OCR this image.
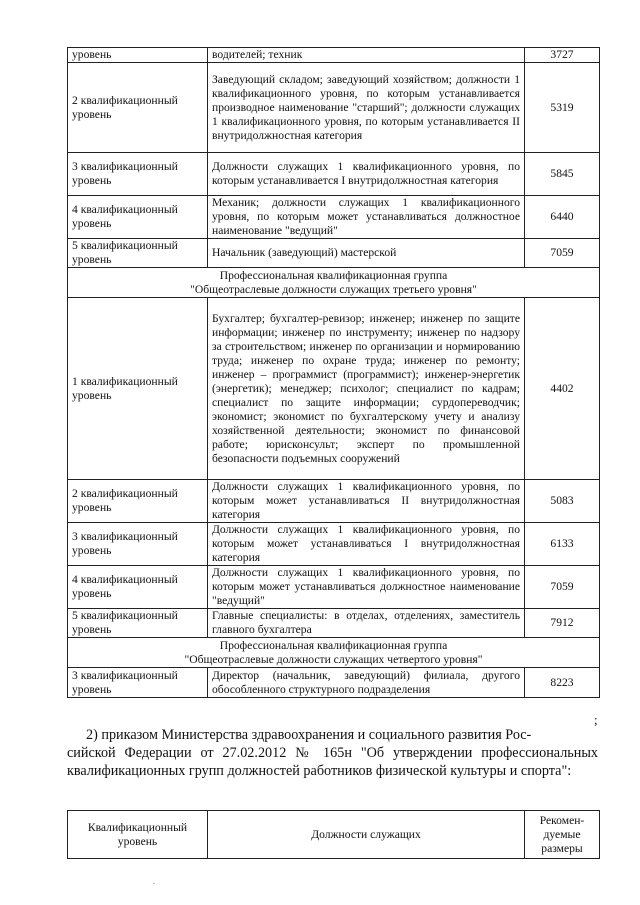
уровень	водителей; техник	3727
2 квалификационный уровень	Заведующий складом; заведующий хозяйством; должности 1 квалификационного уровня, по которым устанавливается производное наименование "старший"; должности служащих 1 квалификационного уровня, по которым устанавливается II внутридолжностная категория	5319
3 квалификационный уровень	Должности служащих 1 квалификационного уровня, по которым устанавливается I внутридолжностная категория	5845
4 квалификационный уровень	Механик; должности служащих 1 квалификационного уровня, по которым может устанавливаться должностное наименование "ведущий"	6440
5 квалификационный уровень	Начальник (заведующий) мастерской	7059

Профессиональная квалификационная группа
"Общеотраслевые должности служащих третьего уровня"		

1 квалификационный уровень	Бухгалтер; бухгалтер-ревизор; инженер; инженер по защите информации; инженер по инструменту; инженер по надзору за строительством; инженер по организации и нормированию труда; инженер по охране труда; инженер по ремонту; инженер – программист (программист); инженер-энергетик (энергетик); менеджер; психолог; специалист по кадрам; специалист по защите информации; сурдопереводчик; экономист; экономист по бухгалтерскому учету и анализу хозяйственной деятельности; экономист по финансовой работе; юрисконсульт; эксперт по промышленной безопасности подъемных сооружений	4402
2 квалификационный уровень	Должности служащих 1 квалификационного уровня, по которым может устанавливаться II внутридолжностная категория	5083
3 квалификационный уровень	Должности служащих 1 квалификационного уровня, по которым может устанавливаться I внутридолжностная категория	6133
4 квалификационный уровень	Должности служащих 1 квалификационного уровня, по которым может устанавливаться должностное наименование "ведущий"	7059
5 квалификационный уровень	Главные специалисты: в отделах, отделениях, заместитель главного бухгалтера	7912

Профессиональная квалификационная группа
"Общеотраслевые должности служащих четвертого уровня"		

3 квалификационный уровень	Директор (начальник, заведующий) филиала, другого обособленного структурного подразделения	8223
;
2) приказом Министерства здравоохранения и социального развития Рос-
сийской Федерации от 27.02.2012 № 165н "Об утверждении профессиональных квалификационных групп должностей работников физической культуры и спорта":
Квалификационный уровень	Должности служащих	Рекомен-дуемые размеры
·
